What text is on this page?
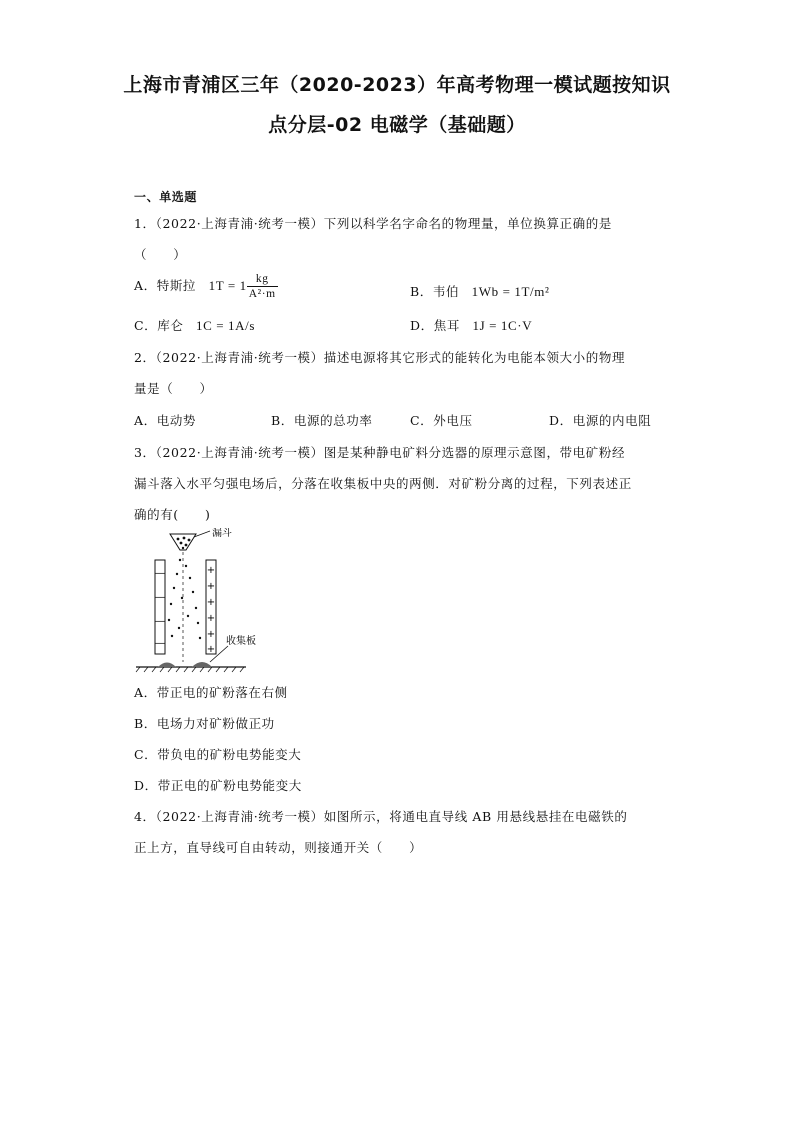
上海市青浦区三年（2020-2023）年高考物理一模试题按知识
点分层-02 电磁学（基础题）
一、单选题
1．（2022·上海青浦·统考一模）下列以科学名字命名的物理量，单位换算正确的是
（　　）
A．特斯拉 $1T = 1 \frac{kg}{\text{A²·m}}$	B．韦伯 1Wb = 1T/m²
C．库仑 1C = 1A/s	D．焦耳 1J = 1C·V
2．（2022·上海青浦·统考一模）描述电源将其它形式的能转化为电能本领大小的物理
量是（　　）
A．电动势	B．电源的总功率	C．外电压	D．电源的内电阻
3．（2022·上海青浦·统考一模）图是某种静电矿料分选器的原理示意图，带电矿粉经
漏斗落入水平匀强电场后，分落在收集板中央的两侧．对矿粉分离的过程，下列表述正
确的有(　　)
漏斗
—
—
—
—
+
+
+
+
+
+
收集板
A．带正电的矿粉落在右侧
B．电场力对矿粉做正功
C．带负电的矿粉电势能变大
D．带正电的矿粉电势能变大
4．（2022·上海青浦·统考一模）如图所示，将通电直导线 AB 用悬线悬挂在电磁铁的
正上方，直导线可自由转动，则接通开关（　　）
